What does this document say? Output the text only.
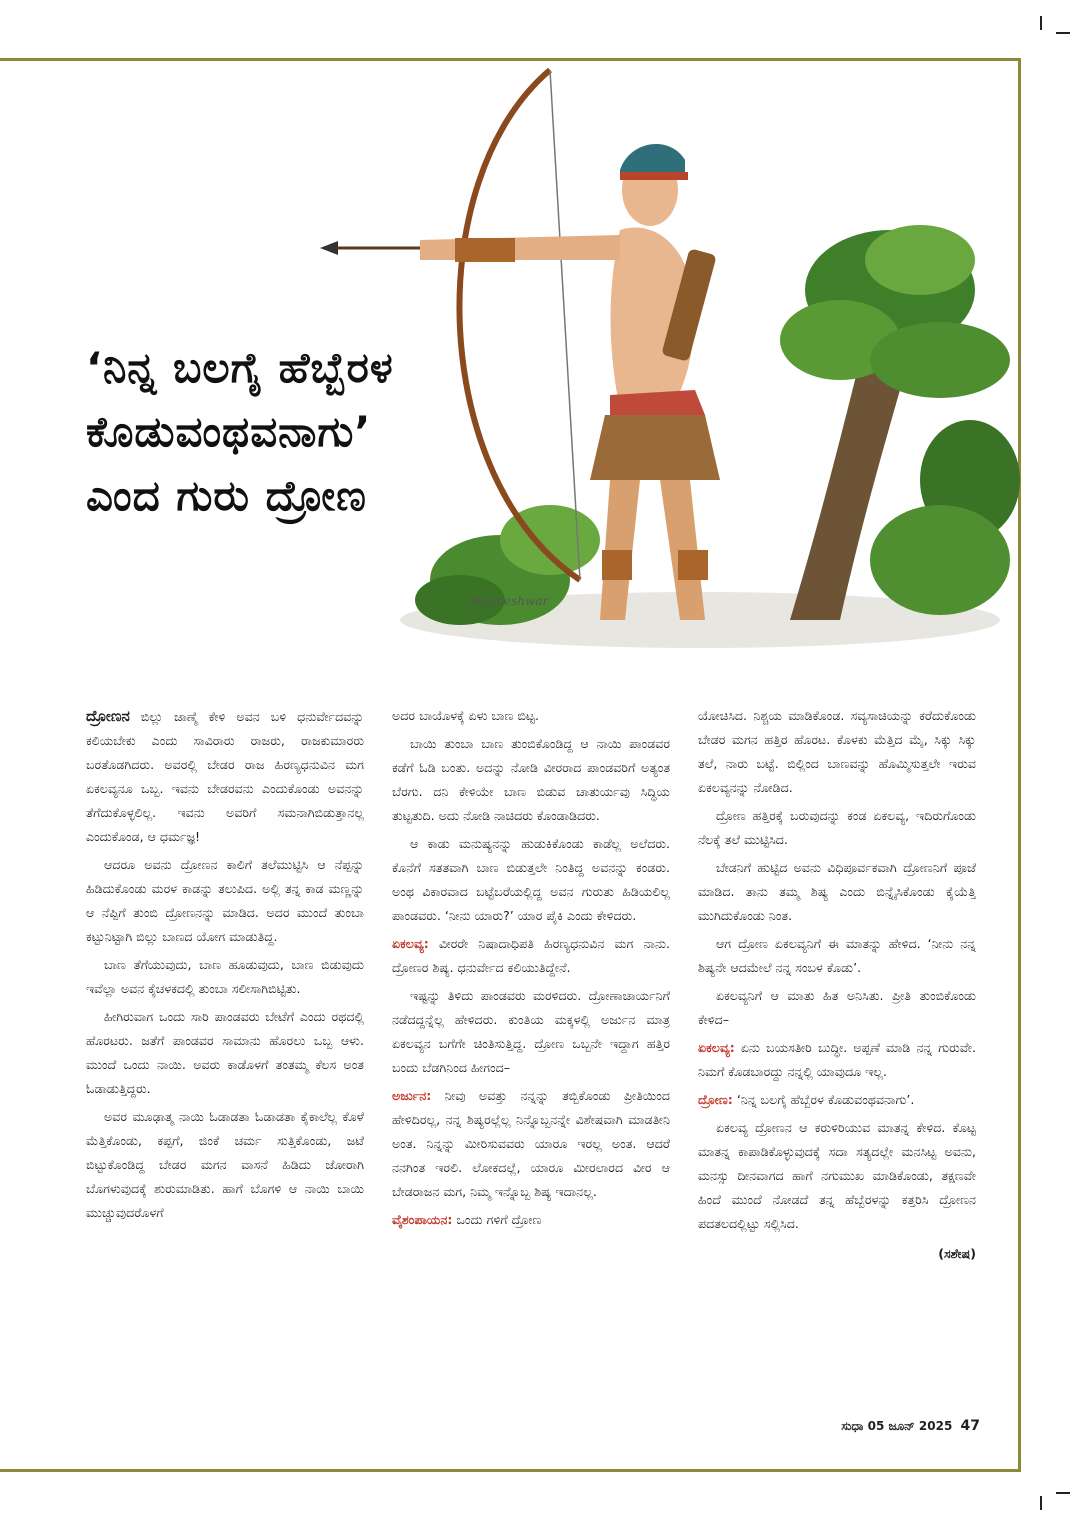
mouneshwar
‘ನಿನ್ನ ಬಲಗೈ ಹೆಬ್ಬೆರಳ
ಕೊಡುವಂಥವನಾಗು’
ಎಂದ ಗುರು ದ್ರೋಣ

ದ್ರೋಣನ ಬಿಲ್ಲು ಜಾಣ್ಮೆ ಕೇಳಿ ಅವನ ಬಳಿ ಧನುರ್ವೇದವನ್ನು ಕಲಿಯಬೇಕು ಎಂದು ಸಾವಿರಾರು ರಾಜರು, ರಾಜಕುಮಾರರು ಬರತೊಡಗಿದರು. ಅವರಲ್ಲಿ ಬೇಡರ ರಾಜ ಹಿರಣ್ಯಧನುವಿನ ಮಗ ಏಕಲವ್ಯನೂ ಒಬ್ಬ. ಇವನು ಬೇಡರವನು ಎಂದುಕೊಂಡು ಅವನನ್ನು ತೆಗೆದುಕೊಳ್ಳಲಿಲ್ಲ. ಇವನು ಅವರಿಗೆ ಸಮನಾಗಿಬಿಡುತ್ತಾನಲ್ಲ ಎಂದುಕೊಂಡ, ಆ ಧರ್ಮಜ್ಞ!

ಆದರೂ ಅವನು ದ್ರೋಣನ ಕಾಲಿಗೆ ತಲೆಮುಟ್ಟಿಸಿ ಆ ನೆಪ್ಪನ್ನು ಹಿಡಿದುಕೊಂಡು ಮರಳ ಕಾಡನ್ನು ತಲುಪಿದ. ಅಲ್ಲಿ ತನ್ನ ಕಾಡ ಮಣ್ಣನ್ನು ಆ ನೆಪ್ಪಿಗೆ ತುಂಬಿ ದ್ರೋಣನನ್ನು ಮಾಡಿದ. ಅದರ ಮುಂದೆ ತುಂಬಾ ಕಟ್ಟುನಿಟ್ಟಾಗಿ ಬಿಲ್ಲು ಬಾಣದ ಯೋಗ ಮಾಡುತಿದ್ದ.

ಬಾಣ ತೆಗೆಯುವುದು, ಬಾಣ ಹೂಡುವುದು, ಬಾಣ ಬಿಡುವುದು ಇವೆಲ್ಲಾ ಅವನ ಕೈಚಳಕದಲ್ಲಿ ತುಂಬಾ ಸಲೀಸಾಗಿಬಿಟ್ಟಿತು.

ಹೀಗಿರುವಾಗ ಒಂದು ಸಾರಿ ಪಾಂಡವರು ಬೇಟೆಗೆ ಎಂದು ರಥದಲ್ಲಿ ಹೊರಟರು. ಜತೆಗೆ ಪಾಂಡವರ ಸಾಮಾನು ಹೊರಲು ಒಬ್ಬ ಆಳು. ಮುಂದೆ ಒಂದು ನಾಯಿ. ಅವರು ಕಾಡೊಳಗೆ ತಂತಮ್ಮ ಕೆಲಸ ಅಂತ ಓಡಾಡುತ್ತಿದ್ದರು.

ಅವರ ಮೂಢಾತ್ಮ ನಾಯಿ ಓಡಾಡತಾ ಓಡಾಡತಾ ಕೈಕಾಲೆಲ್ಲ ಕೊಳೆ ಮೆತ್ತಿಕೊಂಡು, ಕಪ್ಪಗೆ, ಜಿಂಕೆ ಚರ್ಮ ಸುತ್ತಿಕೊಂಡು, ಜಟೆ ಬಿಟ್ಟುಕೊಂಡಿದ್ದ ಬೇಡರ ಮಗನ ವಾಸನೆ ಹಿಡಿದು ಜೋರಾಗಿ ಬೊಗಳುವುದಕ್ಕೆ ಶುರುಮಾಡಿತು. ಹಾಗೆ ಬೊಗಳಿ ಆ ನಾಯಿ ಬಾಯಿ ಮುಚ್ಚುವುದರೊಳಗೆ

ಅದರ ಬಾಯೊಳಕ್ಕೆ ಏಳು ಬಾಣ ಬಿಟ್ಟ.

ಬಾಯಿ ತುಂಬಾ ಬಾಣ ತುಂಬಿಕೊಂಡಿದ್ದ ಆ ನಾಯಿ ಪಾಂಡವರ ಕಡೆಗೆ ಓಡಿ ಬಂತು. ಅದನ್ನು ನೋಡಿ ವೀರರಾದ ಪಾಂಡವರಿಗೆ ಅತ್ಯಂತ ಬೆರಗು. ದನಿ ಕೇಳಿಯೇ ಬಾಣ ಬಿಡುವ ಚಾತುರ್ಯವು ಸಿದ್ಧಿಯ ತುಟ್ಟತುದಿ. ಅದು ನೋಡಿ ನಾಚಿದರು ಕೊಂಡಾಡಿದರು.

ಆ ಕಾಡು ಮನುಷ್ಯನನ್ನು ಹುಡುಕಿಕೊಂಡು ಕಾಡೆಲ್ಲ ಅಲೆದರು. ಕೊನೆಗೆ ಸತತವಾಗಿ ಬಾಣ ಬಿಡುತ್ತಲೇ ನಿಂತಿದ್ದ ಅವನನ್ನು ಕಂಡರು. ಅಂಥ ವಿಕಾರವಾದ ಬಟ್ಟೆಬರೆಯಲ್ಲಿದ್ದ ಅವನ ಗುರುತು ಹಿಡಿಯಲಿಲ್ಲ ಪಾಂಡವರು. ‘ನೀನು ಯಾರು?’ ಯಾರ ಪೈಕಿ ಎಂದು ಕೇಳಿದರು.

ಏಕಲವ್ಯ: ವೀರರೇ ನಿಷಾದಾಧಿಪತಿ ಹಿರಣ್ಯಧನುವಿನ ಮಗ ನಾನು. ದ್ರೋಣರ ಶಿಷ್ಯ. ಧನುರ್ವೇದ ಕಲಿಯುತಿದ್ದೇನೆ.

ಇಷ್ಟನ್ನು ತಿಳಿದು ಪಾಂಡವರು ಮರಳಿದರು. ದ್ರೋಣಾಚಾರ್ಯನಿಗೆ ನಡೆದದ್ದನ್ನೆಲ್ಲ ಹೇಳಿದರು. ಕುಂತಿಯ ಮಕ್ಕಳಲ್ಲಿ ಅರ್ಜುನ ಮಾತ್ರ ಏಕಲವ್ಯನ ಬಗೆಗೇ ಚಿಂತಿಸುತ್ತಿದ್ದ. ದ್ರೋಣ ಒಬ್ಬನೇ ಇದ್ದಾಗ ಹತ್ತಿರ ಬಂದು ಬೆಡಗಿನಿಂದ ಹೀಗಂದ–

ಅರ್ಜುನ: ನೀವು ಅವತ್ತು ನನ್ನನ್ನು ತಬ್ಬಿಕೊಂಡು ಪ್ರೀತಿಯಿಂದ ಹೇಳಿದಿರಲ್ಲ, ನನ್ನ ಶಿಷ್ಯರಲ್ಲೆಲ್ಲ ನಿನ್ನೊಬ್ಬನನ್ನೇ ವಿಶೇಷವಾಗಿ ಮಾಡತೀನಿ ಅಂತ. ನಿನ್ನನ್ನು ಮೀರಿಸುವವರು ಯಾರೂ ಇರಲ್ಲ ಅಂತ. ಆದರೆ ನನಗಿಂತ ಇರಲಿ. ಲೋಕದಲ್ಲೆ, ಯಾರೂ ಮೀರಲಾರದ ವೀರ ಆ ಬೇಡರಾಜನ ಮಗ, ನಿಮ್ಮ ಇನ್ನೊಬ್ಬ ಶಿಷ್ಯ ಇದಾನಲ್ಲ.

ವೈಶಂಪಾಯನ: ಒಂದು ಗಳಿಗೆ ದ್ರೋಣ

ಯೋಚಿಸಿದ. ನಿಶ್ಚಯ ಮಾಡಿಕೊಂಡ. ಸವ್ಯಸಾಚಿಯನ್ನು ಕರೆದುಕೊಂಡು ಬೇಡರ ಮಗನ ಹತ್ತಿರ ಹೊರಟ. ಕೊಳಕು ಮೆತ್ತಿದ ಮೈ, ಸಿಕ್ಕು ಸಿಕ್ಕು ತಲೆ, ನಾರು ಬಟ್ಟೆ. ಬಿಲ್ಲಿಂದ ಬಾಣವನ್ನು ಹೊಮ್ಮಿಸುತ್ತಲೇ ಇರುವ ಏಕಲವ್ಯನನ್ನು ನೋಡಿದ.

ದ್ರೋಣ ಹತ್ತಿರಕ್ಕೆ ಬರುವುದನ್ನು ಕಂಡ ಏಕಲವ್ಯ, ಇದಿರುಗೊಂಡು ನೆಲಕ್ಕೆ ತಲೆ ಮುಟ್ಟಿಸಿದ.

ಬೇಡನಿಗೆ ಹುಟ್ಟಿದ ಅವನು ವಿಧಿಪೂರ್ವಕವಾಗಿ ದ್ರೋಣನಿಗೆ ಪೂಜೆ ಮಾಡಿದ. ತಾನು ತಮ್ಮ ಶಿಷ್ಯ ಎಂದು ಬಿನ್ನೈಸಿಕೊಂಡು ಕೈಯೆತ್ತಿ ಮುಗಿದುಕೊಂಡು ನಿಂತ.

ಆಗ ದ್ರೋಣ ಏಕಲವ್ಯನಿಗೆ ಈ ಮಾತನ್ನು ಹೇಳಿದ. ‘ನೀನು ನನ್ನ ಶಿಷ್ಯನೇ ಆದಮೇಲೆ ನನ್ನ ಸಂಬಳ ಕೊಡು’.

ಏಕಲವ್ಯನಿಗೆ ಆ ಮಾತು ಹಿತ ಅನಿಸಿತು. ಪ್ರೀತಿ ತುಂಬಿಕೊಂಡು ಕೇಳಿದ–

ಏಕಲವ್ಯ: ಏನು ಬಯಸತೀರಿ ಬುದ್ಧೀ. ಅಪ್ಪಣೆ ಮಾಡಿ ನನ್ನ ಗುರುವೇ. ನಿಮಗೆ ಕೊಡಬಾರದ್ದು ನನ್ನಲ್ಲಿ ಯಾವುದೂ ಇಲ್ಲ.

ದ್ರೋಣ: ‘ನಿನ್ನ ಬಲಗೈ ಹೆಬ್ಬೆರಳ ಕೊಡುವಂಥವನಾಗು’.

ಏಕಲವ್ಯ ದ್ರೋಣನ ಆ ಕರುಳಿರಿಯುವ ಮಾತನ್ನ ಕೇಳಿದ. ಕೊಟ್ಟ ಮಾತನ್ನ ಕಾಪಾಡಿಕೊಳ್ಳುವುದಕ್ಕೆ ಸದಾ ಸತ್ಯದಲ್ಲೇ ಮನಸಿಟ್ಟ ಅವನು, ಮನಸ್ಸು ದೀನವಾಗದ ಹಾಗೆ ನಗುಮುಖ ಮಾಡಿಕೊಂಡು, ತಕ್ಷಣವೇ ಹಿಂದೆ ಮುಂದೆ ನೋಡದೆ ತನ್ನ ಹೆಬ್ಬೆರಳನ್ನು ಕತ್ತರಿಸಿ ದ್ರೋಣನ ಪದತಲದಲ್ಲಿಟ್ಟು ಸಲ್ಲಿಸಿದ.

(ಸಶೇಷ)
ಸುಧಾ 05 ಜೂನ್ 2025 47
